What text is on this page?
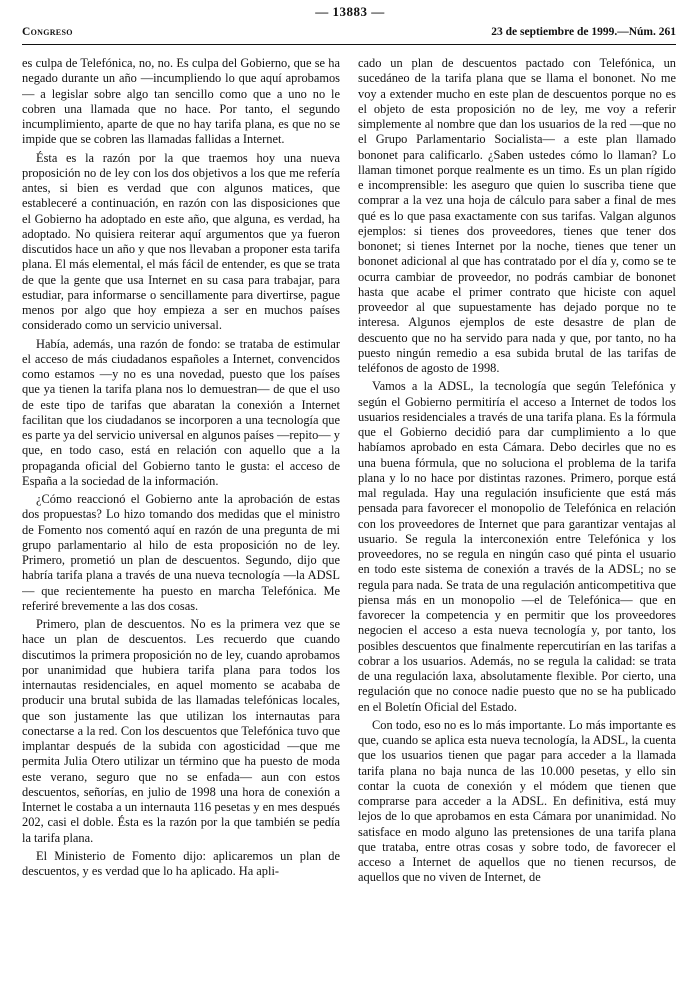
— 13883 —
Congreso	23 de septiembre de 1999.—Núm. 261

es culpa de Telefónica, no, no. Es culpa del Gobierno, que se ha negado durante un año —incumpliendo lo que aquí aprobamos— a legislar sobre algo tan sencillo como que a uno no le cobren una llamada que no hace. Por tanto, el segundo incumplimiento, aparte de que no hay tarifa plana, es que no se impide que se cobren las llamadas fallidas a Internet.

Ésta es la razón por la que traemos hoy una nueva proposición no de ley con los dos objetivos a los que me refería antes, si bien es verdad que con algunos matices, que estableceré a continuación, en razón con las disposiciones que el Gobierno ha adoptado en este año, que alguna, es verdad, ha adoptado. No quisiera reiterar aquí argumentos que ya fueron discutidos hace un año y que nos llevaban a proponer esta tarifa plana. El más elemental, el más fácil de entender, es que se trata de que la gente que usa Internet en su casa para trabajar, para estudiar, para informarse o sencillamente para divertirse, pague menos por algo que hoy empieza a ser en muchos países considerado como un servicio universal.

Había, además, una razón de fondo: se trataba de estimular el acceso de más ciudadanos españoles a Internet, convencidos como estamos —y no es una novedad, puesto que los países que ya tienen la tarifa plana nos lo demuestran— de que el uso de este tipo de tarifas que abaratan la conexión a Internet facilitan que los ciudadanos se incorporen a una tecnología que es parte ya del servicio universal en algunos países —repito— y que, en todo caso, está en relación con aquello que a la propaganda oficial del Gobierno tanto le gusta: el acceso de España a la sociedad de la información.

¿Cómo reaccionó el Gobierno ante la aprobación de estas dos propuestas? Lo hizo tomando dos medidas que el ministro de Fomento nos comentó aquí en razón de una pregunta de mi grupo parlamentario al hilo de esta proposición no de ley. Primero, prometió un plan de descuentos. Segundo, dijo que habría tarifa plana a través de una nueva tecnología —la ADSL— que recientemente ha puesto en marcha Telefónica. Me referiré brevemente a las dos cosas.

Primero, plan de descuentos. No es la primera vez que se hace un plan de descuentos. Les recuerdo que cuando discutimos la primera proposición no de ley, cuando aprobamos por unanimidad que hubiera tarifa plana para todos los internautas residenciales, en aquel momento se acababa de producir una brutal subida de las llamadas telefónicas locales, que son justamente las que utilizan los internautas para conectarse a la red. Con los descuentos que Telefónica tuvo que implantar después de la subida con agosticidad —que me permita Julia Otero utilizar un término que ha puesto de moda este verano, seguro que no se enfada— aun con estos descuentos, señorías, en julio de 1998 una hora de conexión a Internet le costaba a un internauta 116 pesetas y en mes después 202, casi el doble. Ésta es la razón por la que también se pedía la tarifa plana.

El Ministerio de Fomento dijo: aplicaremos un plan de descuentos, y es verdad que lo ha aplicado. Ha apli-

cado un plan de descuentos pactado con Telefónica, un sucedáneo de la tarifa plana que se llama el bononet. No me voy a extender mucho en este plan de descuentos porque no es el objeto de esta proposición no de ley, me voy a referir simplemente al nombre que dan los usuarios de la red —que no el Grupo Parlamentario Socialista— a este plan llamado bononet para calificarlo. ¿Saben ustedes cómo lo llaman? Lo llaman timonet porque realmente es un timo. Es un plan rígido e incomprensible: les aseguro que quien lo suscriba tiene que comprar a la vez una hoja de cálculo para saber a final de mes qué es lo que pasa exactamente con sus tarifas. Valgan algunos ejemplos: si tienes dos proveedores, tienes que tener dos bononet; si tienes Internet por la noche, tienes que tener un bononet adicional al que has contratado por el día y, como se te ocurra cambiar de proveedor, no podrás cambiar de bononet hasta que acabe el primer contrato que hiciste con aquel proveedor al que supuestamente has dejado porque no te interesa. Algunos ejemplos de este desastre de plan de descuento que no ha servido para nada y que, por tanto, no ha puesto ningún remedio a esa subida brutal de las tarifas de teléfonos de agosto de 1998.

Vamos a la ADSL, la tecnología que según Telefónica y según el Gobierno permitiría el acceso a Internet de todos los usuarios residenciales a través de una tarifa plana. Es la fórmula que el Gobierno decidió para dar cumplimiento a lo que habíamos aprobado en esta Cámara. Debo decirles que no es una buena fórmula, que no soluciona el problema de la tarifa plana y lo no hace por distintas razones. Primero, porque está mal regulada. Hay una regulación insuficiente que está más pensada para favorecer el monopolio de Telefónica en relación con los proveedores de Internet que para garantizar ventajas al usuario. Se regula la interconexión entre Telefónica y los proveedores, no se regula en ningún caso qué pinta el usuario en todo este sistema de conexión a través de la ADSL; no se regula para nada. Se trata de una regulación anticompetitiva que piensa más en un monopolio —el de Telefónica— que en favorecer la competencia y en permitir que los proveedores negocien el acceso a esta nueva tecnología y, por tanto, los posibles descuentos que finalmente repercutirían en las tarifas a cobrar a los usuarios. Además, no se regula la calidad: se trata de una regulación laxa, absolutamente flexible. Por cierto, una regulación que no conoce nadie puesto que no se ha publicado en el Boletín Oficial del Estado.

Con todo, eso no es lo más importante. Lo más importante es que, cuando se aplica esta nueva tecnología, la ADSL, la cuenta que los usuarios tienen que pagar para acceder a la llamada tarifa plana no baja nunca de las 10.000 pesetas, y ello sin contar la cuota de conexión y el módem que tienen que comprarse para acceder a la ADSL. En definitiva, está muy lejos de lo que aprobamos en esta Cámara por unanimidad. No satisface en modo alguno las pretensiones de una tarifa plana que trataba, entre otras cosas y sobre todo, de favorecer el acceso a Internet de aquellos que no tienen recursos, de aquellos que no viven de Internet, de
